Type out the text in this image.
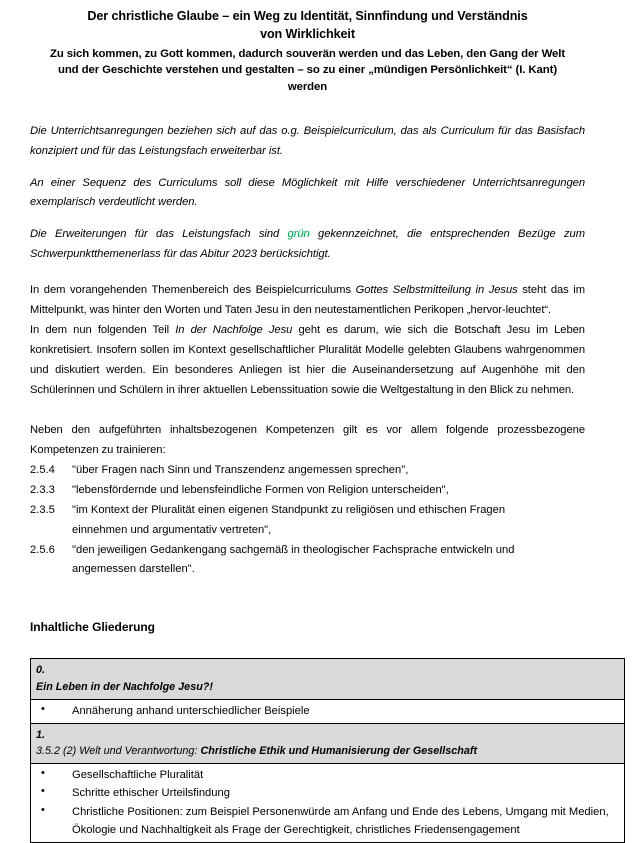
Der christliche Glaube – ein Weg zu Identität, Sinnfindung und Verständnis
von Wirklichkeit
Zu sich kommen, zu Gott kommen, dadurch souverän werden und das Leben, den Gang der Welt und der Geschichte verstehen und gestalten – so zu einer „mündigen Persönlichkeit“ (I. Kant) werden

Die Unterrichtsanregungen beziehen sich auf das o.g. Beispielcurriculum, das als Curriculum für das Basisfach konzipiert und für das Leistungsfach erweiterbar ist.

An einer Sequenz des Curriculums soll diese Möglichkeit mit Hilfe verschiedener Unterrichtsanregungen exemplarisch verdeutlicht werden.

Die Erweiterungen für das Leistungsfach sind grün gekennzeichnet, die entsprechenden Bezüge zum Schwerpunktthemenerlass für das Abitur 2023 berücksichtigt.

In dem vorangehenden Themenbereich des Beispielcurriculums Gottes Selbstmitteilung in Jesus steht das im Mittelpunkt, was hinter den Worten und Taten Jesu in den neutestamentlichen Perikopen „hervor-leuchtet“.

In dem nun folgenden Teil In der Nachfolge Jesu geht es darum, wie sich die Botschaft Jesu im Leben konkretisiert. Insofern sollen im Kontext gesellschaftlicher Pluralität Modelle gelebten Glaubens wahrgenommen und diskutiert werden. Ein besonderes Anliegen ist hier die Auseinandersetzung auf Augenhöhe mit den Schülerinnen und Schülern in ihrer aktuellen Lebenssituation sowie die Weltgestaltung in den Blick zu nehmen.

Neben den aufgeführten inhaltsbezogenen Kompetenzen gilt es vor allem folgende prozessbezogene Kompetenzen zu trainieren:

2.5.4	"über Fragen nach Sinn und Transzendenz angemessen sprechen",
2.3.3	"lebensfördernde und lebensfeindliche Formen von Religion unterscheiden",
2.3.5	"im Kontext der Pluralität einen eigenen Standpunkt zu religiösen und ethischen Fragen einnehmen und argumentativ vertreten",
2.5.6	"den jeweiligen Gedankengang sachgemäß in theologischer Fachsprache entwickeln und angemessen darstellen".
Inhaltliche Gliederung
0.
Ein Leben in der Nachfolge Jesu?!

• Annäherung anhand unterschiedlicher Beispiele

1.
3.5.2 (2) Welt und Verantwortung: Christliche Ethik und Humanisierung der Gesellschaft

• Gesellschaftliche Pluralität
• Schritte ethischer Urteilsfindung
• Christliche Positionen: zum Beispiel Personenwürde am Anfang und Ende des Lebens, Umgang mit Medien, Ökologie und Nachhaltigkeit als Frage der Gerechtigkeit, christliches Friedensengagement
